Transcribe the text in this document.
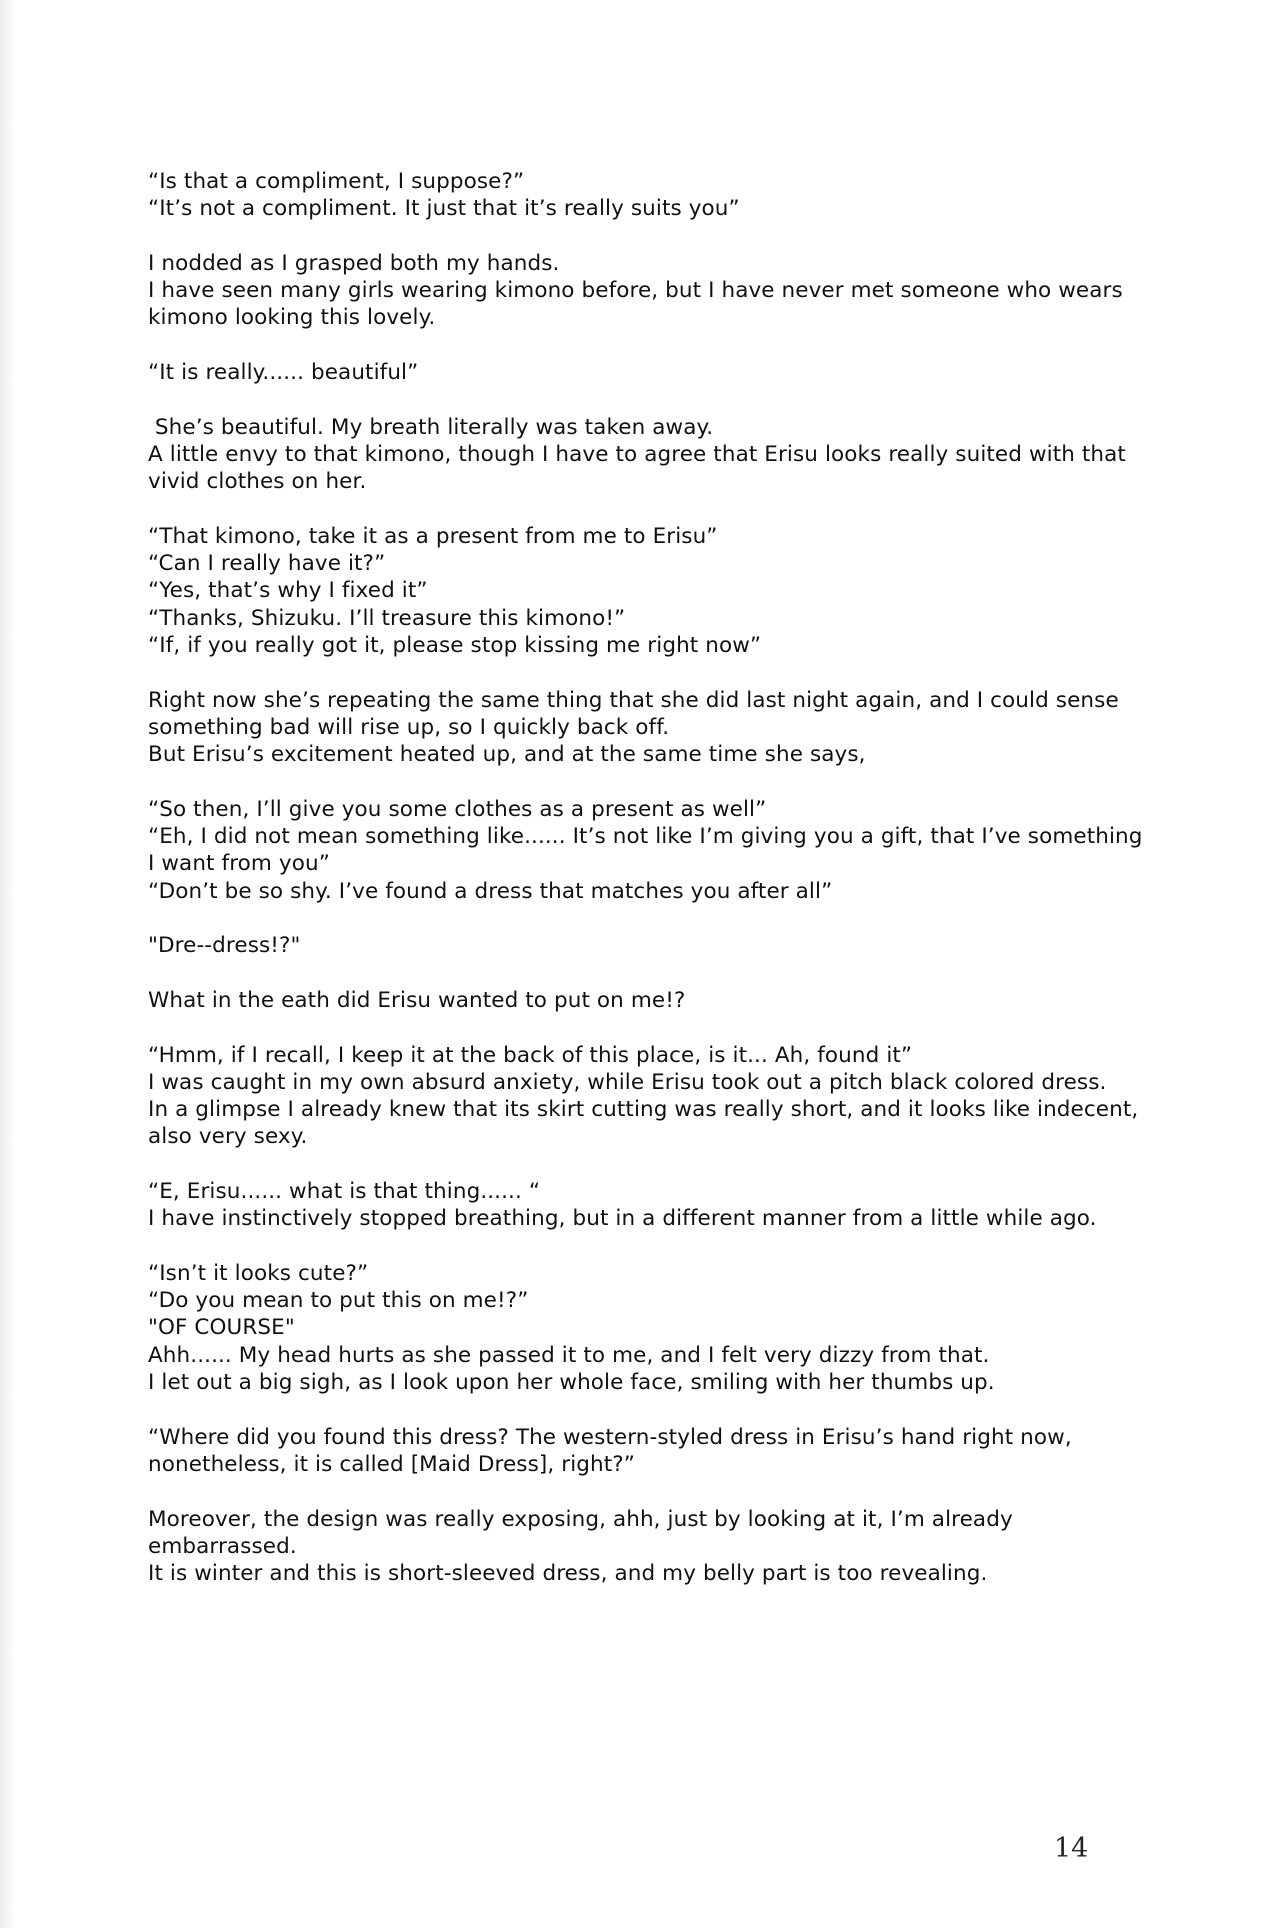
“Is that a compliment, I suppose?”
“It’s not a compliment. It just that it’s really suits you”
I nodded as I grasped both my hands.
I have seen many girls wearing kimono before, but I have never met someone who wears
kimono looking this lovely.
“It is really...... beautiful”
She’s beautiful. My breath literally was taken away.
A little envy to that kimono, though I have to agree that Erisu looks really suited with that
vivid clothes on her.
“That kimono, take it as a present from me to Erisu”
“Can I really have it?”
“Yes, that’s why I fixed it”
“Thanks, Shizuku. I’ll treasure this kimono!”
“If, if you really got it, please stop kissing me right now”
Right now she’s repeating the same thing that she did last night again, and I could sense
something bad will rise up, so I quickly back off.
But Erisu’s excitement heated up, and at the same time she says,
“So then, I’ll give you some clothes as a present as well”
“Eh, I did not mean something like...... It’s not like I’m giving you a gift, that I’ve something
I want from you”
“Don’t be so shy. I’ve found a dress that matches you after all”
"Dre--dress!?"
What in the eath did Erisu wanted to put on me!?
“Hmm, if I recall, I keep it at the back of this place, is it... Ah, found it”
I was caught in my own absurd anxiety, while Erisu took out a pitch black colored dress.
In a glimpse I already knew that its skirt cutting was really short, and it looks like indecent,
also very sexy.
“E, Erisu...... what is that thing...... “
I have instinctively stopped breathing, but in a different manner from a little while ago.
“Isn’t it looks cute?”
“Do you mean to put this on me!?”
"OF COURSE"
Ahh...... My head hurts as she passed it to me, and I felt very dizzy from that.
I let out a big sigh, as I look upon her whole face, smiling with her thumbs up.
“Where did you found this dress? The western-styled dress in Erisu’s hand right now,
nonetheless, it is called [Maid Dress], right?”
Moreover, the design was really exposing, ahh, just by looking at it, I’m already
embarrassed.
It is winter and this is short-sleeved dress, and my belly part is too revealing.
14
